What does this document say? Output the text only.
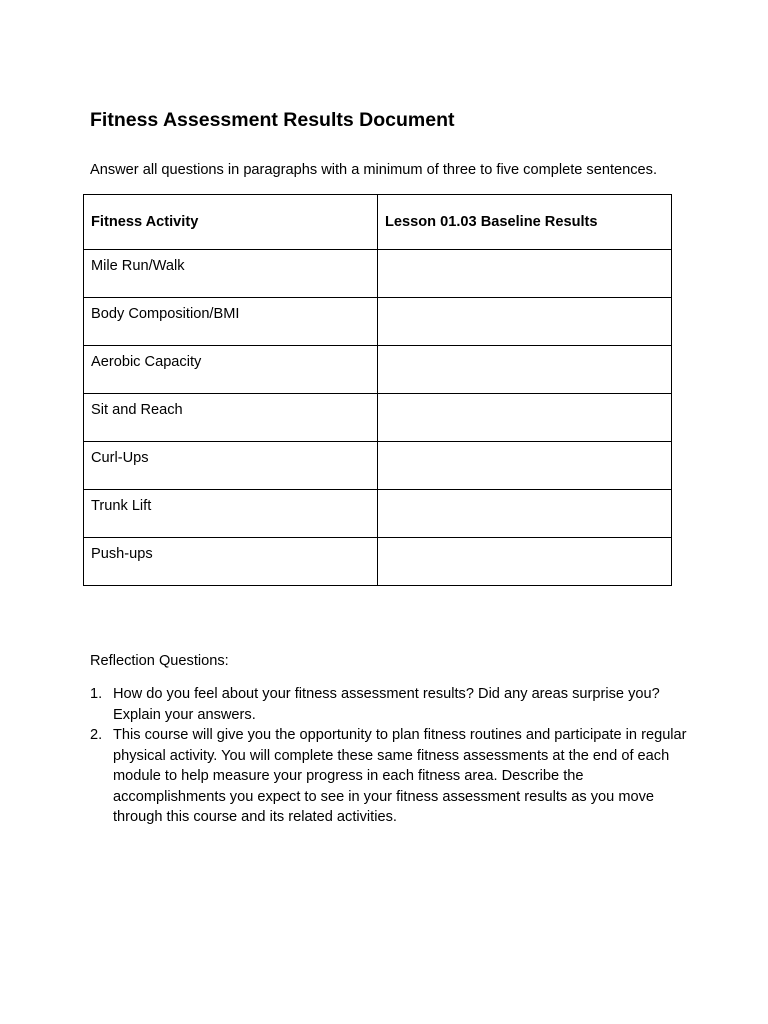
Fitness Assessment Results Document
Answer all questions in paragraphs with a minimum of three to five complete sentences.
Fitness Activity	Lesson 01.03 Baseline Results

Mile Run/Walk	

Body Composition/BMI	

Aerobic Capacity	

Sit and Reach	

Curl-Ups	

Trunk Lift	

Push-ups	

Reflection Questions:
1. How do you feel about your fitness assessment results? Did any areas surprise you? Explain your answers.
2. This course will give you the opportunity to plan fitness routines and participate in regular physical activity. You will complete these same fitness assessments at the end of each module to help measure your progress in each fitness area. Describe the accomplishments you expect to see in your fitness assessment results as you move through this course and its related activities.
